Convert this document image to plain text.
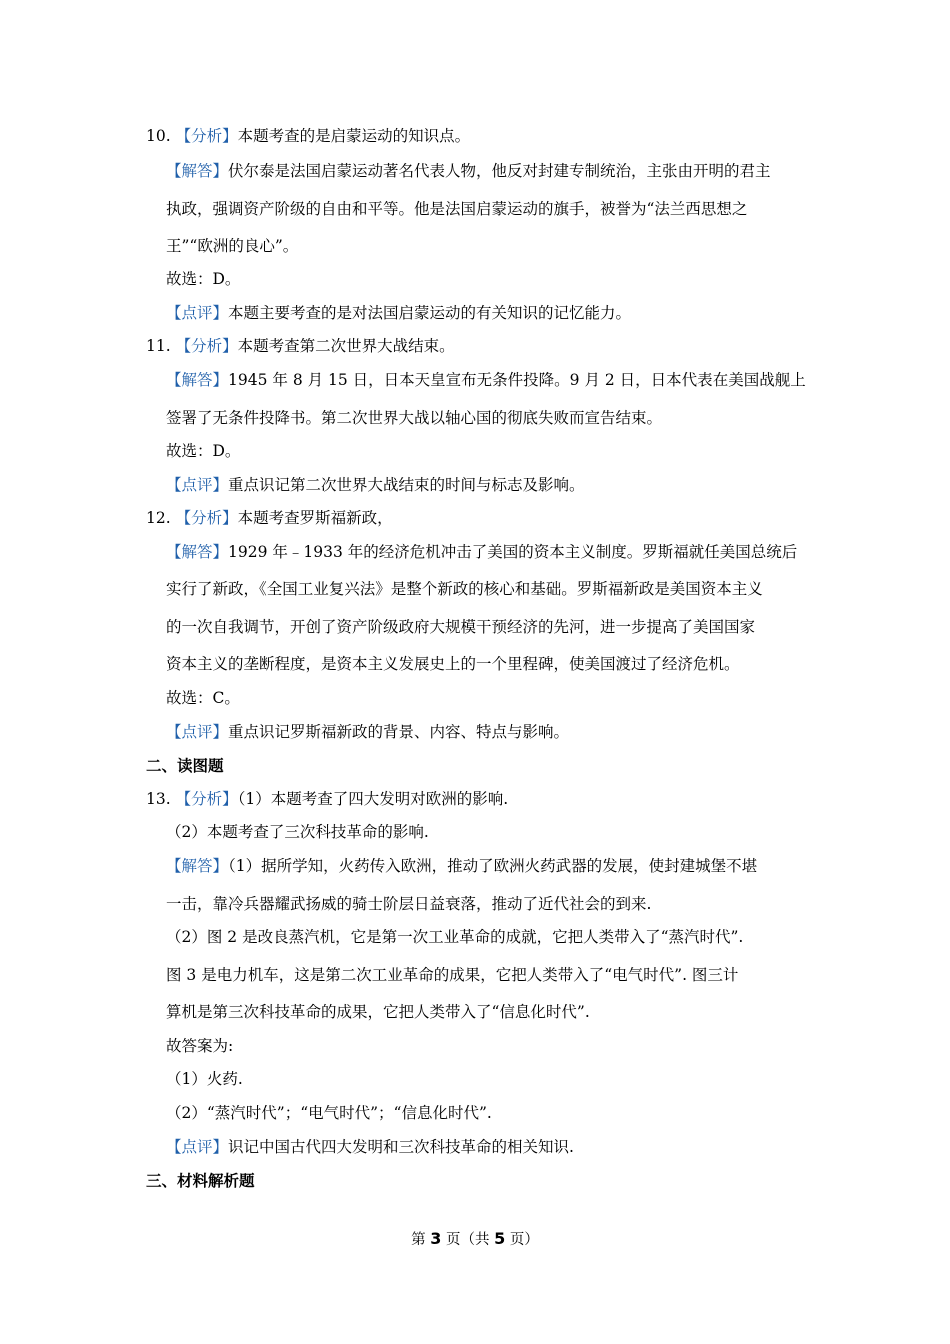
10. 【分析】本题考查的是启蒙运动的知识点。
【解答】伏尔泰是法国启蒙运动著名代表人物，他反对封建专制统治，主张由开明的君主
执政，强调资产阶级的自由和平等。他是法国启蒙运动的旗手，被誉为“法兰西思想之
王”“欧洲的良心”。
故选：D。
【点评】本题主要考查的是对法国启蒙运动的有关知识的记忆能力。
11. 【分析】本题考查第二次世界大战结束。
【解答】1945 年 8 月 15 日，日本天皇宣布无条件投降。9 月 2 日，日本代表在美国战舰上
签署了无条件投降书。第二次世界大战以轴心国的彻底失败而宣告结束。
故选：D。
【点评】重点识记第二次世界大战结束的时间与标志及影响。
12. 【分析】本题考查罗斯福新政，
【解答】1929 年﹣1933 年的经济危机冲击了美国的资本主义制度。罗斯福就任美国总统后
实行了新政，《全国工业复兴法》是整个新政的核心和基础。罗斯福新政是美国资本主义
的一次自我调节，开创了资产阶级政府大规模干预经济的先河，进一步提高了美国国家
资本主义的垄断程度，是资本主义发展史上的一个里程碑，使美国渡过了经济危机。
故选：C。
【点评】重点识记罗斯福新政的背景、内容、特点与影响。
二、读图题
13. 【分析】（1）本题考查了四大发明对欧洲的影响.
（2）本题考查了三次科技革命的影响.
【解答】（1）据所学知，火药传入欧洲，推动了欧洲火药武器的发展，使封建城堡不堪
一击，靠冷兵器耀武扬威的骑士阶层日益衰落，推动了近代社会的到来.
（2）图 2 是改良蒸汽机，它是第一次工业革命的成就，它把人类带入了“蒸汽时代”.
图 3 是电力机车，这是第二次工业革命的成果，它把人类带入了“电气时代”. 图三计
算机是第三次科技革命的成果，它把人类带入了“信息化时代”.
故答案为:
（1）火药.
（2）“蒸汽时代”；“电气时代”；“信息化时代”.
【点评】识记中国古代四大发明和三次科技革命的相关知识.
三、材料解析题
第 3 页（共 5 页）
